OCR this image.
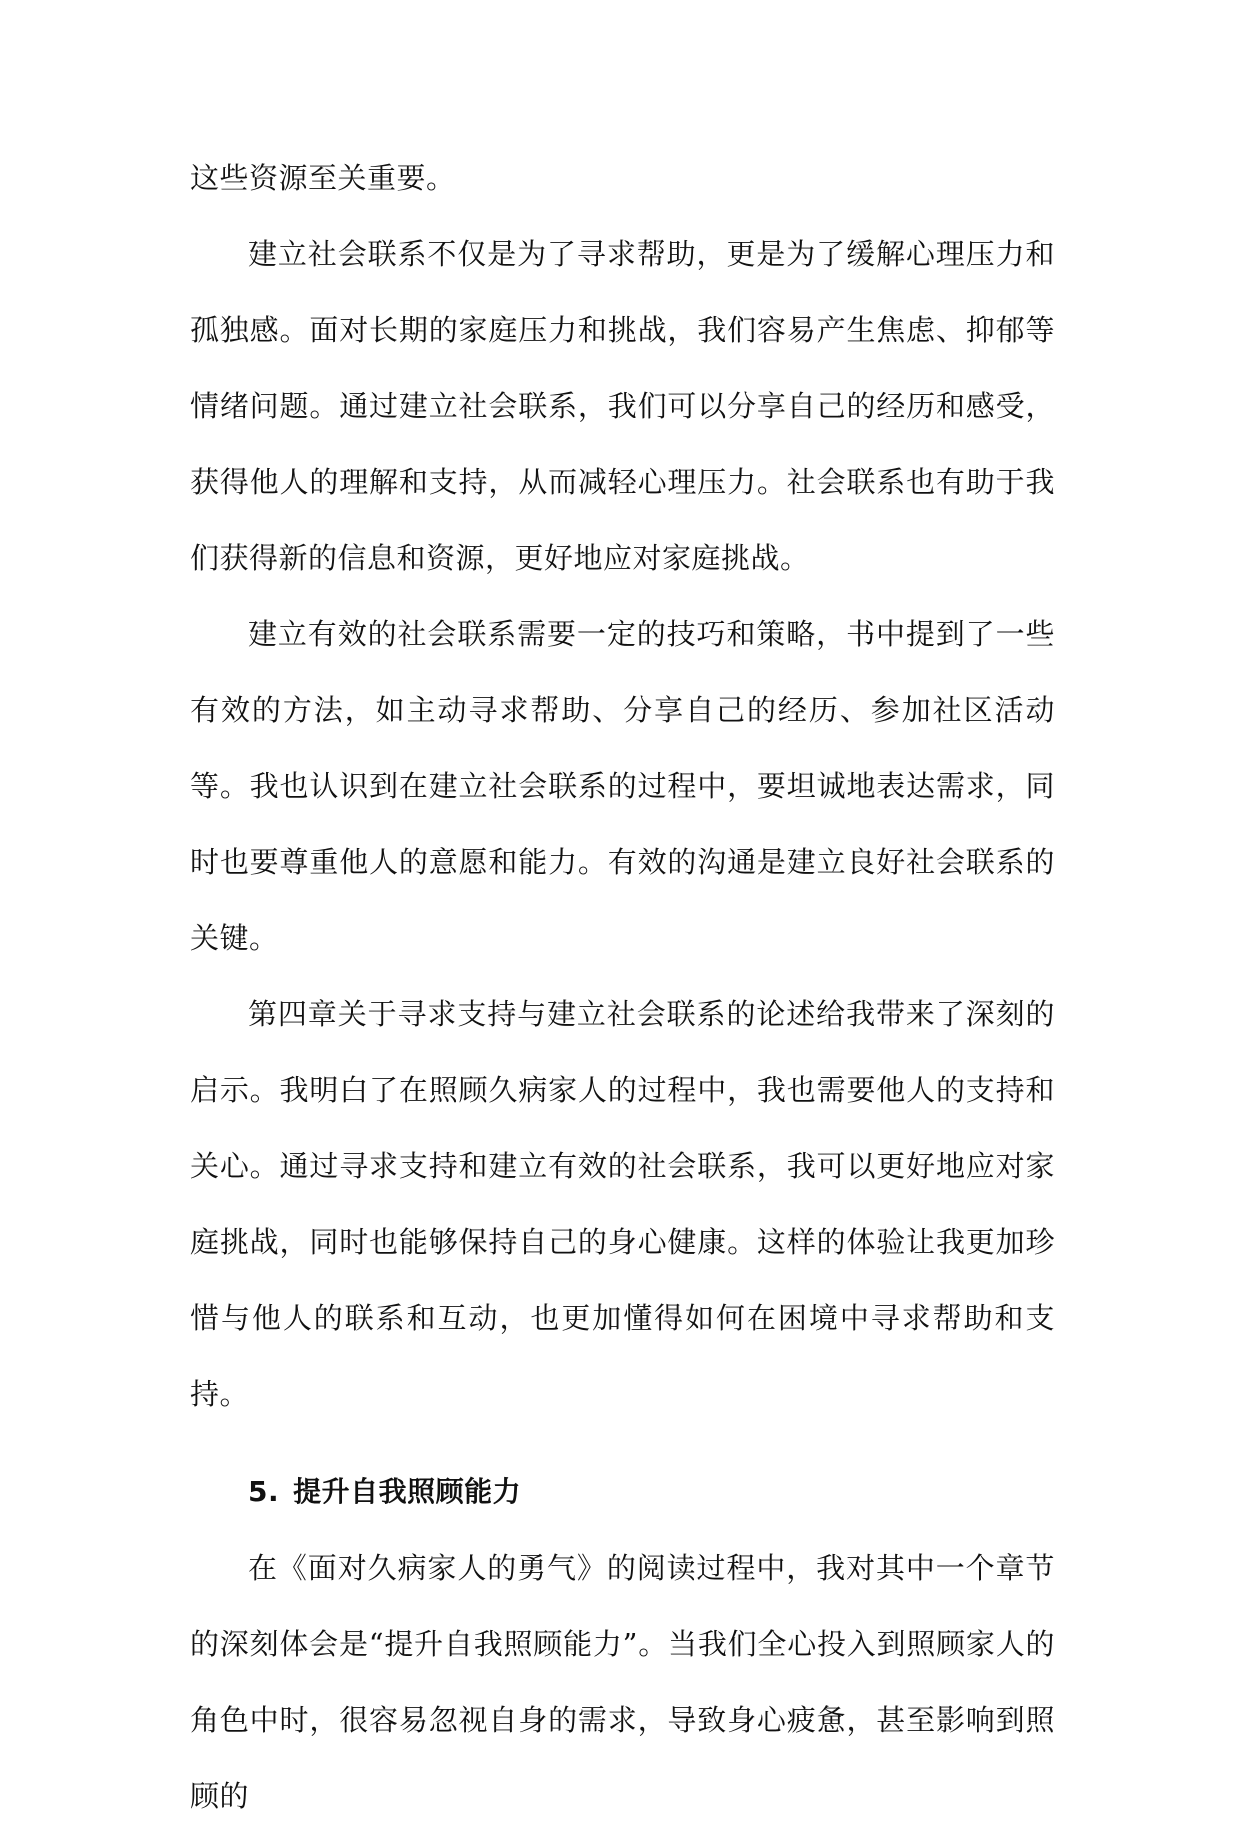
这些资源至关重要。

建立社会联系不仅是为了寻求帮助，更是为了缓解心理压力和孤独感。面对长期的家庭压力和挑战，我们容易产生焦虑、抑郁等情绪问题。通过建立社会联系，我们可以分享自己的经历和感受，获得他人的理解和支持，从而减轻心理压力。社会联系也有助于我们获得新的信息和资源，更好地应对家庭挑战。

建立有效的社会联系需要一定的技巧和策略，书中提到了一些有效的方法，如主动寻求帮助、分享自己的经历、参加社区活动等。我也认识到在建立社会联系的过程中，要坦诚地表达需求，同时也要尊重他人的意愿和能力。有效的沟通是建立良好社会联系的关键。

第四章关于寻求支持与建立社会联系的论述给我带来了深刻的启示。我明白了在照顾久病家人的过程中，我也需要他人的支持和关心。通过寻求支持和建立有效的社会联系，我可以更好地应对家庭挑战，同时也能够保持自己的身心健康。这样的体验让我更加珍惜与他人的联系和互动，也更加懂得如何在困境中寻求帮助和支持。

5. 提升自我照顾能力

在《面对久病家人的勇气》的阅读过程中，我对其中一个章节的深刻体会是“提升自我照顾能力”。当我们全心投入到照顾家人的角色中时，很容易忽视自身的需求，导致身心疲惫，甚至影响到照顾的
